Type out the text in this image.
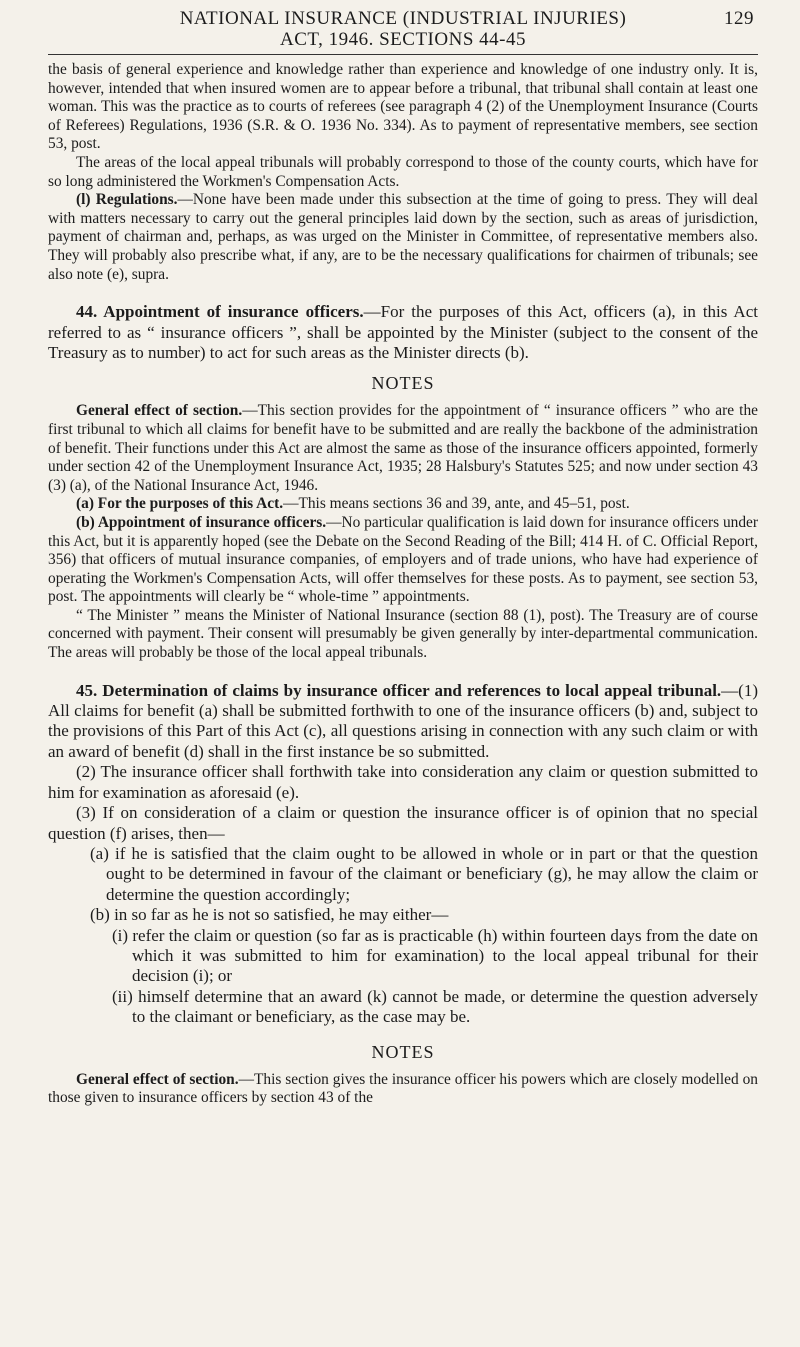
NATIONAL INSURANCE (INDUSTRIAL INJURIES)
ACT, 1946. SECTIONS 44-45
129

the basis of general experience and knowledge rather than experience and knowledge of one industry only. It is, however, intended that when insured women are to appear before a tribunal, that tribunal shall contain at least one woman. This was the practice as to courts of referees (see paragraph 4 (2) of the Unemployment Insurance (Courts of Referees) Regulations, 1936 (S.R. & O. 1936 No. 334). As to payment of representative members, see section 53, post.

The areas of the local appeal tribunals will probably correspond to those of the county courts, which have for so long administered the Workmen's Compensation Acts.

(l) Regulations.—None have been made under this subsection at the time of going to press. They will deal with matters necessary to carry out the general principles laid down by the section, such as areas of jurisdiction, payment of chairman and, perhaps, as was urged on the Minister in Committee, of representative members also. They will probably also prescribe what, if any, are to be the necessary qualifications for chairmen of tribunals; see also note (e), supra.

44. Appointment of insurance officers.—For the purposes of this Act, officers (a), in this Act referred to as “ insurance officers ”, shall be appointed by the Minister (subject to the consent of the Treasury as to number) to act for such areas as the Minister directs (b).

NOTES

General effect of section.—This section provides for the appointment of “ insurance officers ” who are the first tribunal to which all claims for benefit have to be submitted and are really the backbone of the administration of benefit. Their functions under this Act are almost the same as those of the insurance officers appointed, formerly under section 42 of the Unemployment Insurance Act, 1935; 28 Halsbury's Statutes 525; and now under section 43 (3) (a), of the National Insurance Act, 1946.

(a) For the purposes of this Act.—This means sections 36 and 39, ante, and 45–51, post.

(b) Appointment of insurance officers.—No particular qualification is laid down for insurance officers under this Act, but it is apparently hoped (see the Debate on the Second Reading of the Bill; 414 H. of C. Official Report, 356) that officers of mutual insurance companies, of employers and of trade unions, who have had experience of operating the Workmen's Compensation Acts, will offer themselves for these posts. As to payment, see section 53, post. The appointments will clearly be “ whole-time ” appointments.

“ The Minister ” means the Minister of National Insurance (section 88 (1), post). The Treasury are of course concerned with payment. Their consent will presumably be given generally by inter-departmental communication. The areas will probably be those of the local appeal tribunals.

45. Determination of claims by insurance officer and references to local appeal tribunal.—(1) All claims for benefit (a) shall be submitted forthwith to one of the insurance officers (b) and, subject to the provisions of this Part of this Act (c), all questions arising in connection with any such claim or with an award of benefit (d) shall in the first instance be so submitted.

(2) The insurance officer shall forthwith take into consideration any claim or question submitted to him for examination as aforesaid (e).

(3) If on consideration of a claim or question the insurance officer is of opinion that no special question (f) arises, then—

(a) if he is satisfied that the claim ought to be allowed in whole or in part or that the question ought to be determined in favour of the claimant or beneficiary (g), he may allow the claim or determine the question accordingly;

(b) in so far as he is not so satisfied, he may either—

(i) refer the claim or question (so far as is practicable (h) within fourteen days from the date on which it was submitted to him for examination) to the local appeal tribunal for their decision (i); or

(ii) himself determine that an award (k) cannot be made, or determine the question adversely to the claimant or beneficiary, as the case may be.

NOTES

General effect of section.—This section gives the insurance officer his powers which are closely modelled on those given to insurance officers by section 43 of the
